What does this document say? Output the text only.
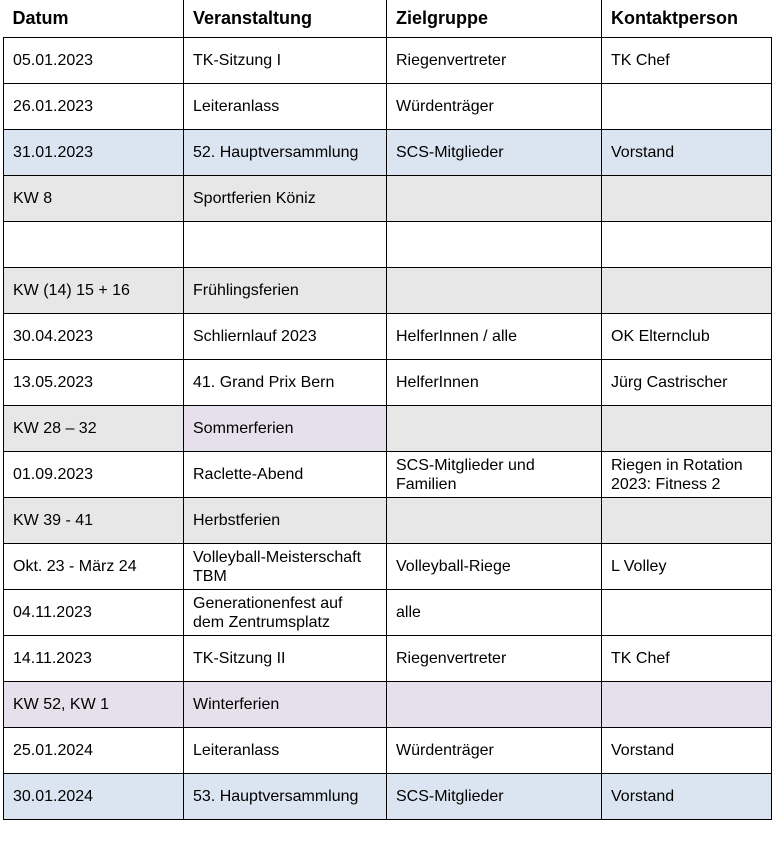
Datum	Veranstaltung	Zielgruppe	Kontaktperson
05.01.2023	TK-Sitzung I	Riegenvertreter	TK Chef
26.01.2023	Leiteranlass	Würdenträger	
31.01.2023	52. Hauptversammlung	SCS-Mitglieder	Vorstand
KW 8	Sportferien Köniz		

KW (14) 15 + 16	Frühlingsferien		
30.04.2023	Schliernlauf 2023	HelferInnen / alle	OK Elternclub
13.05.2023	41. Grand Prix Bern	HelferInnen	Jürg Castrischer
KW 28 – 32	Sommerferien		
01.09.2023	Raclette-Abend	SCS-Mitglieder und Familien	Riegen in Rotation 2023: Fitness 2
KW 39 - 41	Herbstferien		
Okt. 23 - März 24	Volleyball-Meisterschaft TBM	Volleyball-Riege	L Volley
04.11.2023	Generationenfest auf dem Zentrumsplatz	alle	
14.11.2023	TK-Sitzung II	Riegenvertreter	TK Chef
KW 52, KW 1	Winterferien		
25.01.2024	Leiteranlass	Würdenträger	Vorstand
30.01.2024	53. Hauptversammlung	SCS-Mitglieder	Vorstand
